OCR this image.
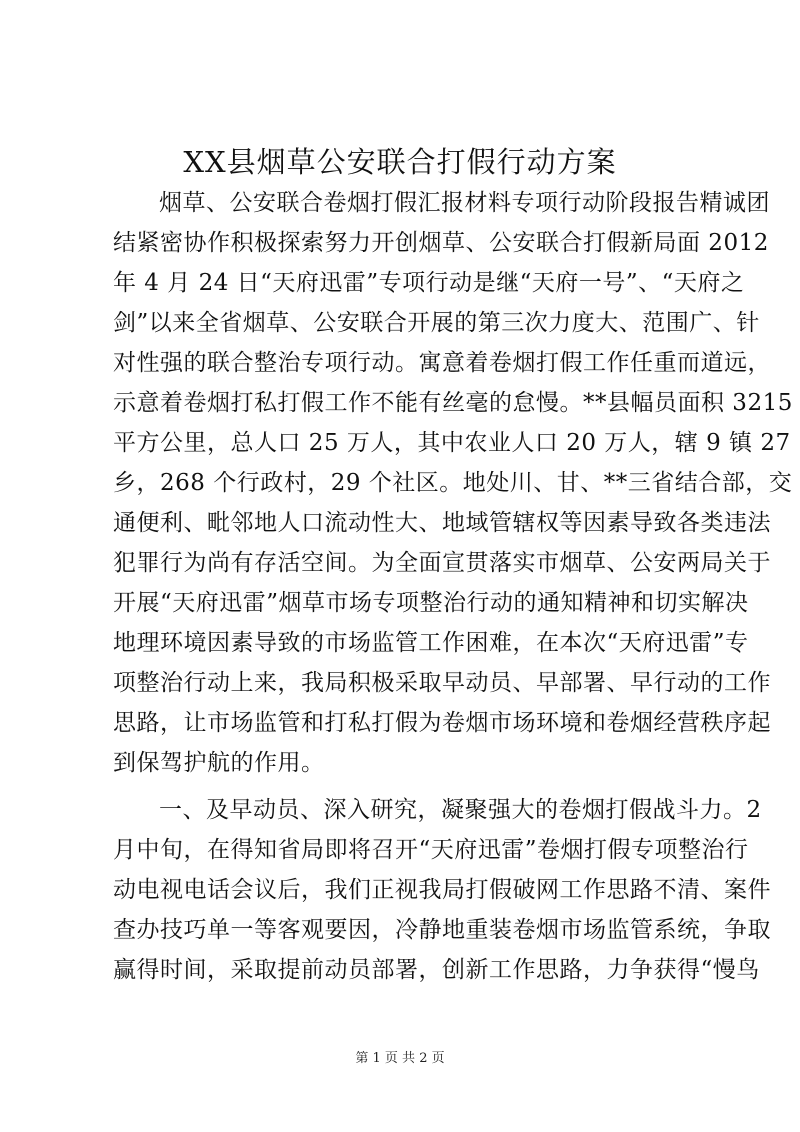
XX县烟草公安联合打假行动方案
烟草、公安联合卷烟打假汇报材料专项行动阶段报告精诚团
结紧密协作积极探索努力开创烟草、公安联合打假新局面 2012
年 4 月 24 日“天府迅雷”专项行动是继“天府一号”、“天府之
剑”以来全省烟草、公安联合开展的第三次力度大、范围广、针
对性强的联合整治专项行动。寓意着卷烟打假工作任重而道远，
示意着卷烟打私打假工作不能有丝毫的怠慢。**县幅员面积 3215
平方公里，总人口 25 万人，其中农业人口 20 万人，辖 9 镇 27
乡，268 个行政村，29 个社区。地处川、甘、**三省结合部，交
通便利、毗邻地人口流动性大、地域管辖权等因素导致各类违法
犯罪行为尚有存活空间。为全面宣贯落实市烟草、公安两局关于
开展“天府迅雷”烟草市场专项整治行动的通知精神和切实解决
地理环境因素导致的市场监管工作困难，在本次“天府迅雷”专
项整治行动上来，我局积极采取早动员、早部署、早行动的工作
思路，让市场监管和打私打假为卷烟市场环境和卷烟经营秩序起
到保驾护航的作用。
一、及早动员、深入研究，凝聚强大的卷烟打假战斗力。2
月中旬，在得知省局即将召开“天府迅雷”卷烟打假专项整治行
动电视电话会议后，我们正视我局打假破网工作思路不清、案件
查办技巧单一等客观要因，冷静地重装卷烟市场监管系统，争取
赢得时间，采取提前动员部署，创新工作思路，力争获得“慢鸟
第 1 页 共 2 页
